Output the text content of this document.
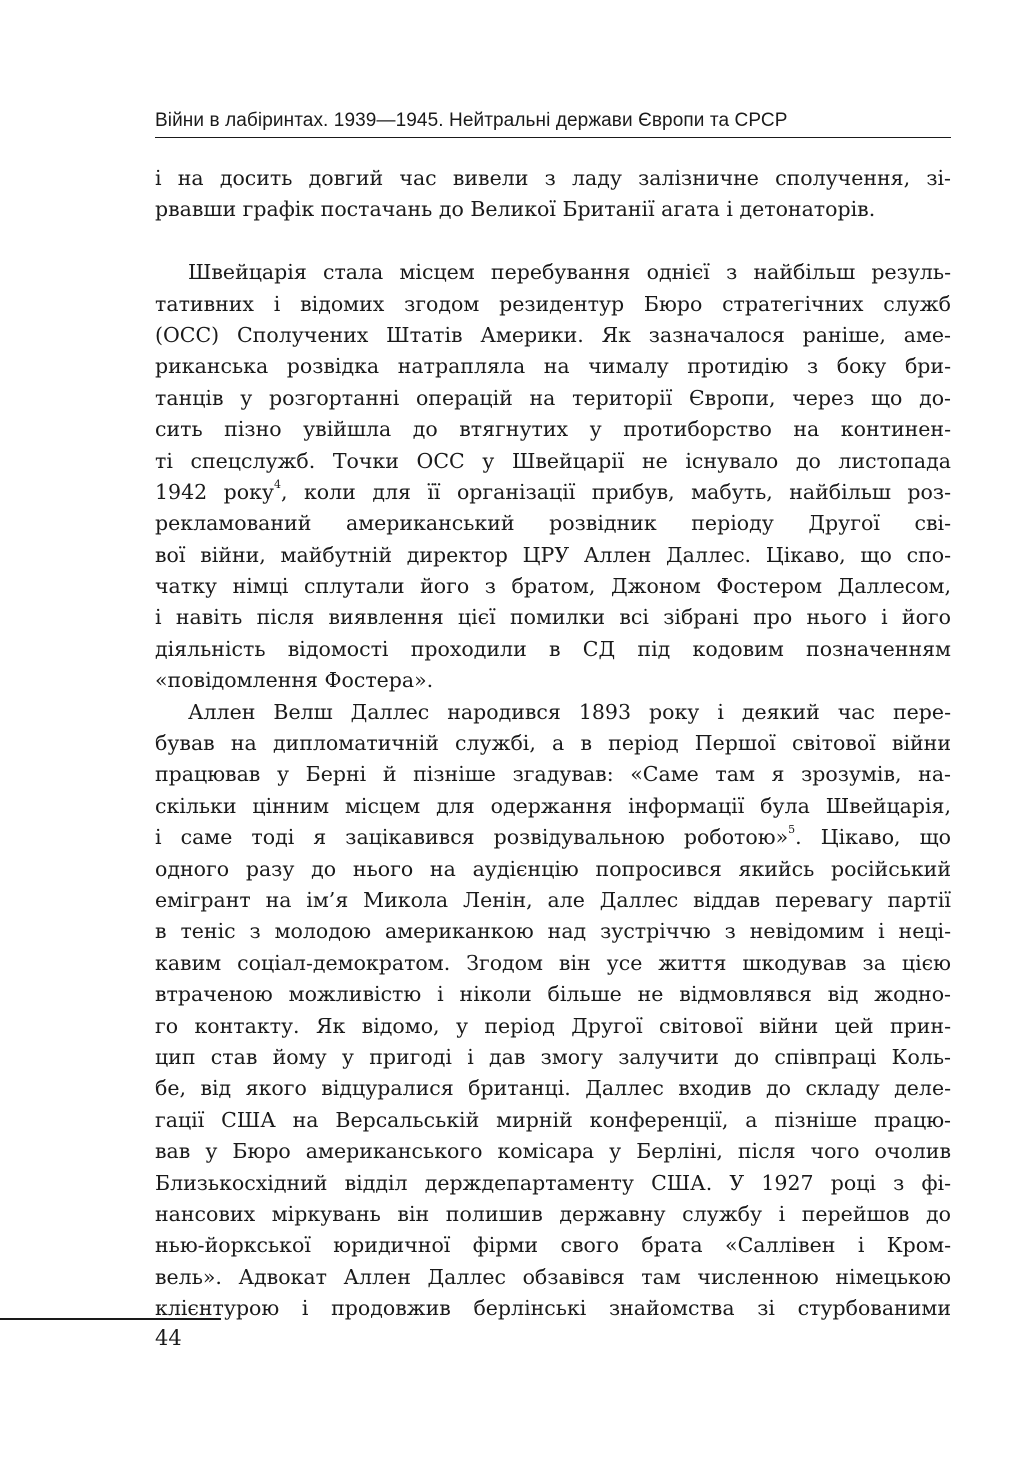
Війни в лабіринтах. 1939—1945. Нейтральні держави Європи та СРСР
і на досить довгий час вивели з ладу залізничне сполучення, зі-
рвавши графік постачань до Великої Британії агата і детонаторів.
Швейцарія стала місцем перебування однієї з найбільш резуль-
тативних і відомих згодом резидентур Бюро стратегічних служб
(ОСС) Сполучених Штатів Америки. Як зазначалося раніше, аме-
риканська розвідка натрапляла на чималу протидію з боку бри-
танців у розгортанні операцій на території Європи, через що до-
сить пізно увійшла до втягнутих у протиборство на континен-
ті спецслужб. Точки ОСС у Швейцарії не існувало до листопада
1942 року$^4$, коли для її організації прибув, мабуть, найбільш роз-
рекламований американський розвідник періоду Другої сві-
вої війни, майбутній директор ЦРУ Аллен Даллес. Цікаво, що спо-
чатку німці сплутали його з братом, Джоном Фостером Даллесом,
і навіть після виявлення цієї помилки всі зібрані про нього і його
діяльність відомості проходили в СД під кодовим позначенням
«повідомлення Фостера».
Аллен Велш Даллес народився 1893 року і деякий час пере-
бував на дипломатичній службі, а в період Першої світової війни
працював у Берні й пізніше згадував: «Саме там я зрозумів, на-
скільки цінним місцем для одержання інформації була Швейцарія,
і саме тоді я зацікавився розвідувальною роботою»$^5$. Цікаво, що
одного разу до нього на аудієнцію попросився якийсь російський
емігрант на ім’я Микола Ленін, але Даллес віддав перевагу партії
в теніс з молодою американкою над зустріччю з невідомим і неці-
кавим соціал-демократом. Згодом він усе життя шкодував за цією
втраченою можливістю і ніколи більше не відмовлявся від жодно-
го контакту. Як відомо, у період Другої світової війни цей прин-
цип став йому у пригоді і дав змогу залучити до співпраці Коль-
бе, від якого відцуралися британці. Даллес входив до складу деле-
гації США на Версальській мирній конференції, а пізніше працю-
вав у Бюро американського комісара у Берліні, після чого очолив
Близькосхідний відділ держдепартаменту США. У 1927 році з фі-
нансових міркувань він полишив державну службу і перейшов до
нью-йоркської юридичної фірми свого брата «Саллівен і Кром-
вель». Адвокат Аллен Даллес обзавівся там численною німецькою
клієнтурою і продовжив берлінські знайомства зі стурбованими
44
